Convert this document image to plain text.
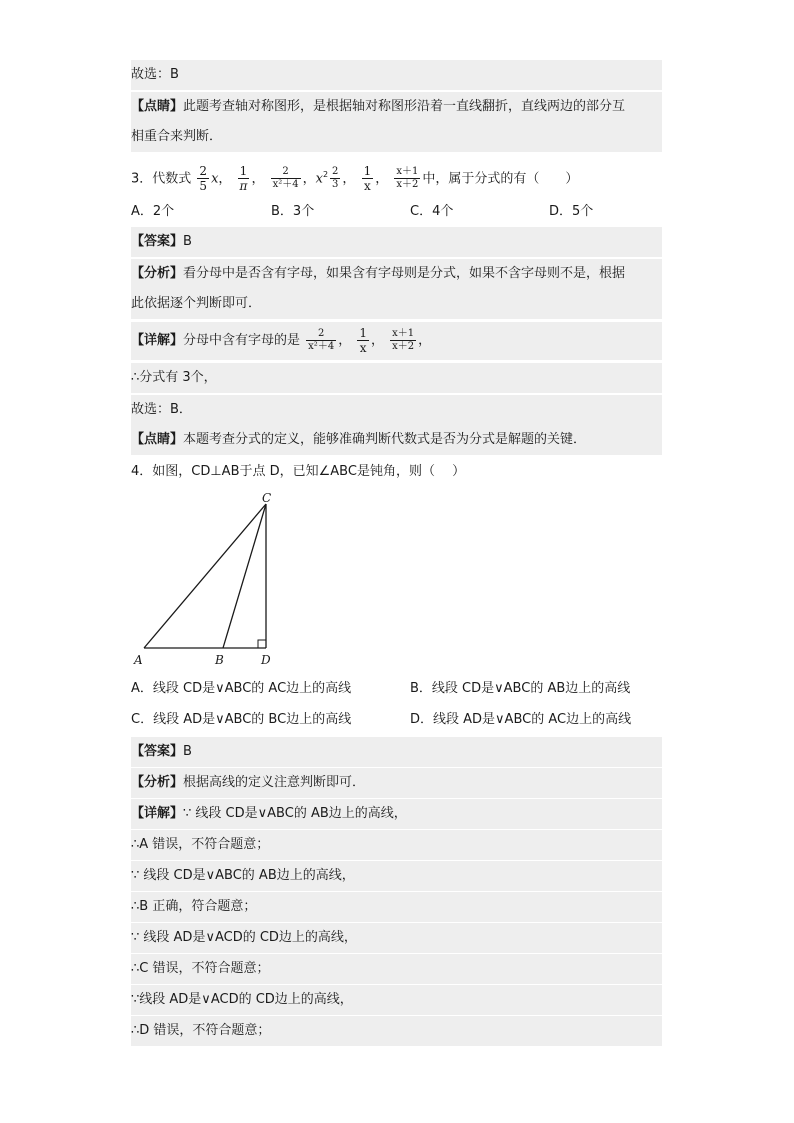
故选：B
【点睛】此题考查轴对称图形，是根据轴对称图形沿着一直线翻折，直线两边的部分互
相重合来判断．
3．代数式 $\frac{2}{5}$ x， $\frac{1}{\pi}$ ， $\frac{2}{\text{x²＋4}}$ ，$x^2 \frac{2}{3}$ ， $\frac{1}{x}$ ， $\frac{x+1}{x+2}$ 中，属于分式的有（　　）
A．2个	B．3个	C．4个	D．5个
【答案】B
【分析】看分母中是否含有字母，如果含有字母则是分式，如果不含字母则不是，根据
此依据逐个判断即可．
【详解】分母中含有字母的是 $\frac{2}{\text{x²＋4}}$ ， $\frac{1}{x}$ ， $\frac{x+1}{x+2}$ ，
∴分式有 3个，
故选：B．
【点睛】本题考查分式的定义，能够准确判断代数式是否为分式是解题的关键．
4．如图，CD⊥AB于点 D，已知∠ABC是钝角，则（　 ）
C
A	B	D
A．线段 CD是∨ABC的 AC边上的高线	B．线段 CD是∨ABC的 AB边上的高线
C．线段 AD是∨ABC的 BC边上的高线	D．线段 AD是∨ABC的 AC边上的高线
【答案】B
【分析】根据高线的定义注意判断即可．
【详解】∵ 线段 CD是∨ABC的 AB边上的高线，
∴A 错误，不符合题意；
∵ 线段 CD是∨ABC的 AB边上的高线，
∴B 正确，符合题意；
∵ 线段 AD是∨ACD的 CD边上的高线，
∴C 错误，不符合题意；
∵线段 AD是∨ACD的 CD边上的高线，
∴D 错误，不符合题意；
